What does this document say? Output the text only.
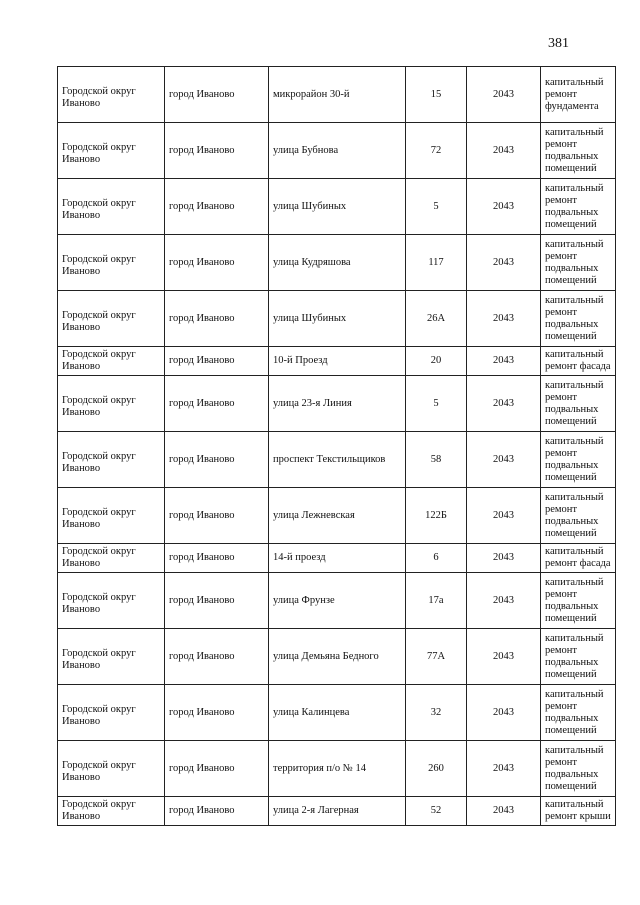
381
Городской округ Иваново	город Иваново	микрорайон 30-й	15	2043	капитальный ремонт фундамента
Городской округ Иваново	город Иваново	улица Бубнова	72	2043	капитальный ремонт подвальных помещений
Городской округ Иваново	город Иваново	улица Шубиных	5	2043	капитальный ремонт подвальных помещений
Городской округ Иваново	город Иваново	улица Кудряшова	117	2043	капитальный ремонт подвальных помещений
Городской округ Иваново	город Иваново	улица Шубиных	26А	2043	капитальный ремонт подвальных помещений
Городской округ Иваново	город Иваново	10-й Проезд	20	2043	капитальный ремонт фасада
Городской округ Иваново	город Иваново	улица 23-я Линия	5	2043	капитальный ремонт подвальных помещений
Городской округ Иваново	город Иваново	проспект Текстильщиков	58	2043	капитальный ремонт подвальных помещений
Городской округ Иваново	город Иваново	улица Лежневская	122Б	2043	капитальный ремонт подвальных помещений
Городской округ Иваново	город Иваново	14-й проезд	6	2043	капитальный ремонт фасада
Городской округ Иваново	город Иваново	улица Фрунзе	17а	2043	капитальный ремонт подвальных помещений
Городской округ Иваново	город Иваново	улица Демьяна Бедного	77А	2043	капитальный ремонт подвальных помещений
Городской округ Иваново	город Иваново	улица Калинцева	32	2043	капитальный ремонт подвальных помещений
Городской округ Иваново	город Иваново	территория п/о № 14	260	2043	капитальный ремонт подвальных помещений
Городской округ Иваново	город Иваново	улица 2-я Лагерная	52	2043	капитальный ремонт крыши
